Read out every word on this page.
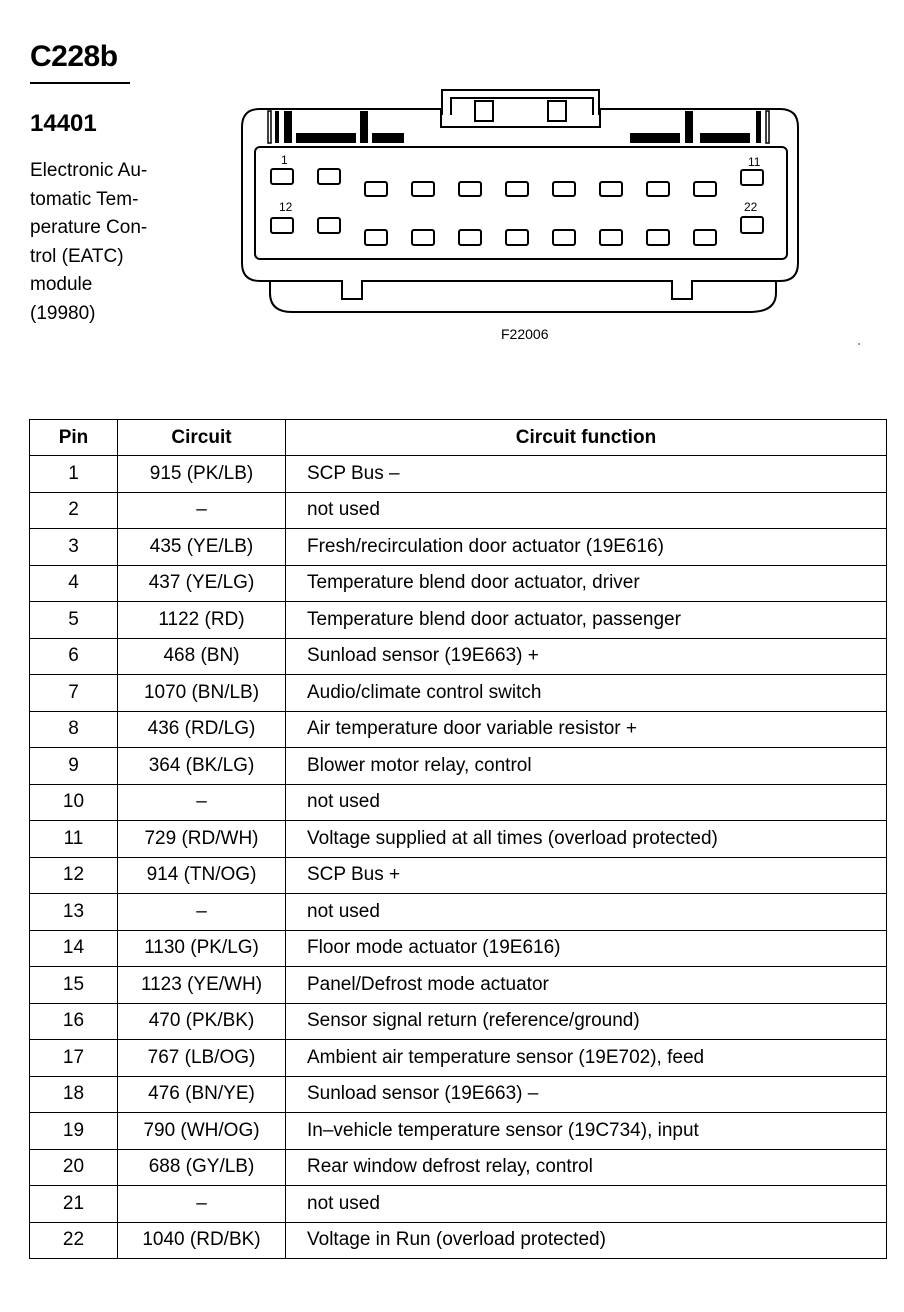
C228b
14401
Electronic Au-
tomatic Tem-
perature Con-
trol (EATC)
module
(19980)
1	11
12	22
F22006
Pin	Circuit	Circuit function
1	915 (PK/LB)	SCP Bus –
2	–	not used
3	435 (YE/LB)	Fresh/recirculation door actuator (19E616)
4	437 (YE/LG)	Temperature blend door actuator, driver
5	1122 (RD)	Temperature blend door actuator, passenger
6	468 (BN)	Sunload sensor (19E663) +
7	1070 (BN/LB)	Audio/climate control switch
8	436 (RD/LG)	Air temperature door variable resistor +
9	364 (BK/LG)	Blower motor relay, control
10	–	not used
11	729 (RD/WH)	Voltage supplied at all times (overload protected)
12	914 (TN/OG)	SCP Bus +
13	–	not used
14	1130 (PK/LG)	Floor mode actuator (19E616)
15	1123 (YE/WH)	Panel/Defrost mode actuator
16	470 (PK/BK)	Sensor signal return (reference/ground)
17	767 (LB/OG)	Ambient air temperature sensor (19E702), feed
18	476 (BN/YE)	Sunload sensor (19E663) –
19	790 (WH/OG)	In–vehicle temperature sensor (19C734), input
20	688 (GY/LB)	Rear window defrost relay, control
21	–	not used
22	1040 (RD/BK)	Voltage in Run (overload protected)
